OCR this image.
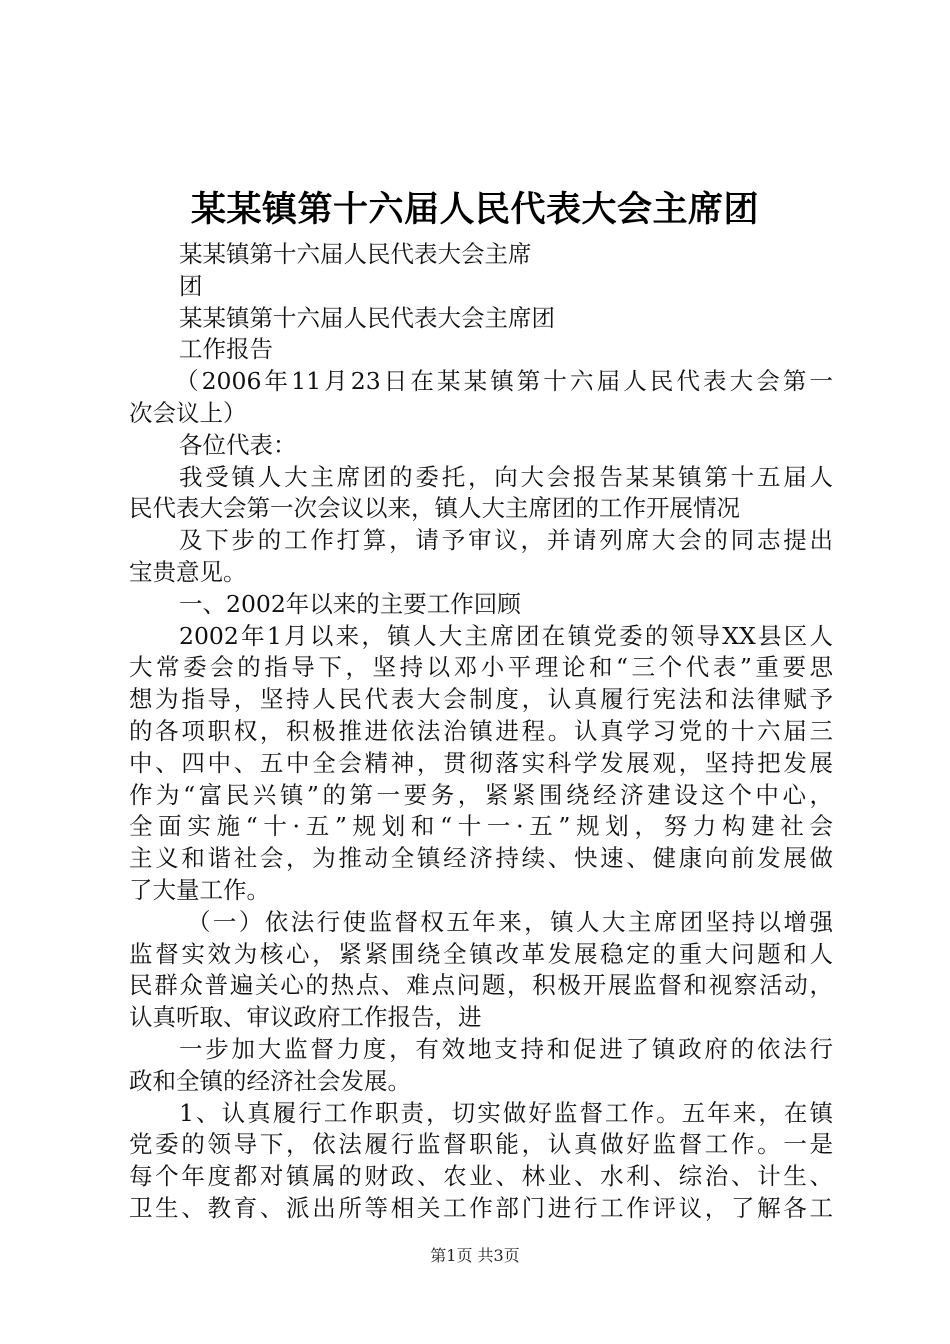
某某镇第十六届人民代表大会主席团
某某镇第十六届人民代表大会主席
团
某某镇第十六届人民代表大会主席团
工作报告
（2006年11月23日在某某镇第十六届人民代表大会第一
次会议上）
各位代表：
我受镇人大主席团的委托，向大会报告某某镇第十五届人
民代表大会第一次会议以来，镇人大主席团的工作开展情况
及下步的工作打算，请予审议，并请列席大会的同志提出
宝贵意见。
一、2002年以来的主要工作回顾
2002年1月以来，镇人大主席团在镇党委的领导XX县区人
大常委会的指导下，坚持以邓小平理论和“三个代表”重要思
想为指导，坚持人民代表大会制度，认真履行宪法和法律赋予
的各项职权，积极推进依法治镇进程。认真学习党的十六届三
中、四中、五中全会精神，贯彻落实科学发展观，坚持把发展
作为“富民兴镇”的第一要务，紧紧围绕经济建设这个中心，
全面实施“十·五”规划和“十一·五”规划，努力构建社会
主义和谐社会，为推动全镇经济持续、快速、健康向前发展做
了大量工作。
（一）依法行使监督权五年来，镇人大主席团坚持以增强
监督实效为核心，紧紧围绕全镇改革发展稳定的重大问题和人
民群众普遍关心的热点、难点问题，积极开展监督和视察活动，
认真听取、审议政府工作报告，进
一步加大监督力度，有效地支持和促进了镇政府的依法行
政和全镇的经济社会发展。
1、认真履行工作职责，切实做好监督工作。五年来，在镇
党委的领导下，依法履行监督职能，认真做好监督工作。一是
每个年度都对镇属的财政、农业、林业、水利、综治、计生、
卫生、教育、派出所等相关工作部门进行工作评议，了解各工
第1页 共3页
